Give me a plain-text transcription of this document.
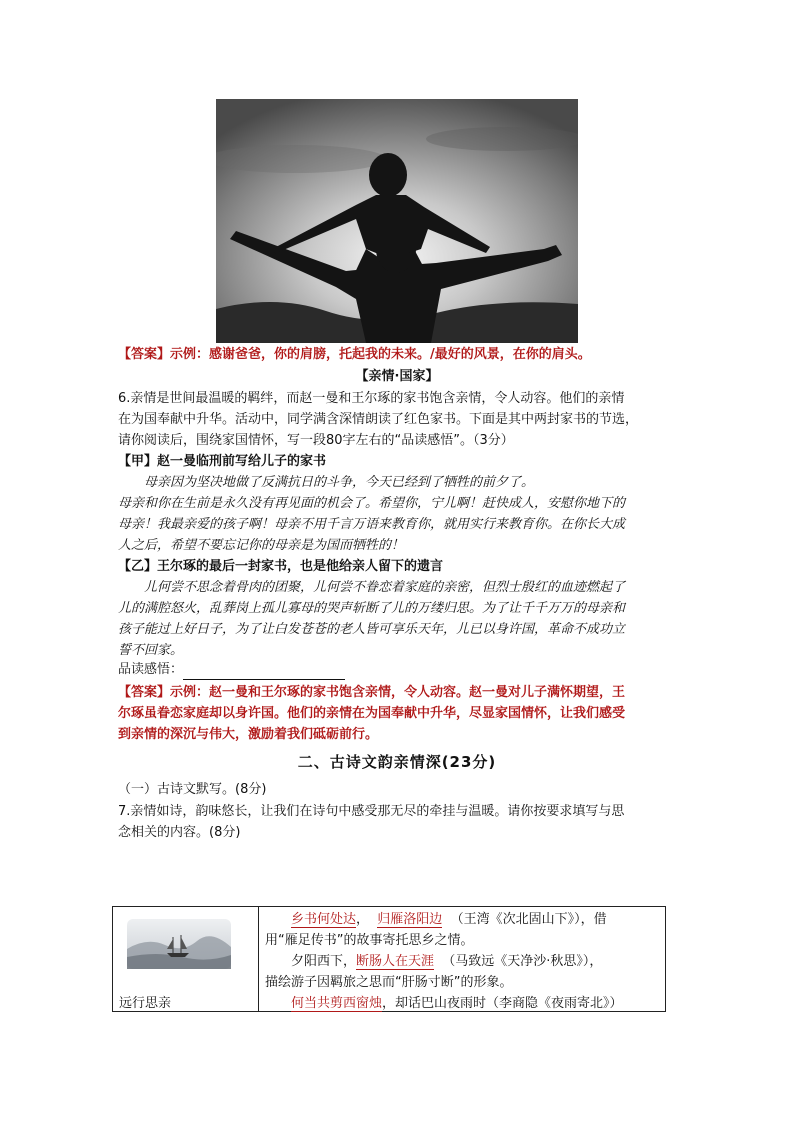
【答案】示例：感谢爸爸，你的肩膀，托起我的未来。/最好的风景，在你的肩头。
【亲情·国家】
6.亲情是世间最温暖的羁绊，而赵一曼和王尔琢的家书饱含亲情，令人动容。他们的亲情
在为国奉献中升华。活动中，同学满含深情朗读了红色家书。下面是其中两封家书的节选，
请你阅读后，围绕家国情怀，写一段80字左右的“品读感悟”。（3分）
【甲】赵一曼临刑前写给儿子的家书
母亲因为坚决地做了反满抗日的斗争，今天已经到了牺牲的前夕了。
母亲和你在生前是永久没有再见面的机会了。希望你，宁儿啊！赶快成人，安慰你地下的
母亲！我最亲爱的孩子啊！母亲不用千言万语来教育你，就用实行来教育你。在你长大成
人之后，希望不要忘记你的母亲是为国而牺牲的！
【乙】王尔琢的最后一封家书，也是他给亲人留下的遗言
儿何尝不思念着骨肉的团聚，儿何尝不眷恋着家庭的亲密，但烈士殷红的血迹燃起了
儿的满腔怒火，乱葬岗上孤儿寡母的哭声斩断了儿的万缕归思。为了让千千万万的母亲和
孩子能过上好日子，为了让白发苍苍的老人皆可享乐天年，儿已以身许国，革命不成功立
誓不回家。
品读感悟：
【答案】示例：赵一曼和王尔琢的家书饱含亲情，令人动容。赵一曼对儿子满怀期望，王
尔琢虽眷恋家庭却以身许国。他们的亲情在为国奉献中升华，尽显家国情怀，让我们感受
到亲情的深沉与伟大，激励着我们砥砺前行。
二、古诗文韵亲情深(23分)
（一）古诗文默写。(8分)
7.亲情如诗，韵味悠长，让我们在诗句中感受那无尽的牵挂与温暖。请你按要求填写与思
念相关的内容。(8分)
远行思亲

乡书何处达， 归雁洛阳边 （王湾《次北固山下》），借
用“雁足传书”的故事寄托思乡之情。
夕阳西下，断肠人在天涯 （马致远《天净沙·秋思》），
描绘游子因羁旅之思而“肝肠寸断”的形象。
何当共剪西窗烛，却话巴山夜雨时（李商隐《夜雨寄北》）
